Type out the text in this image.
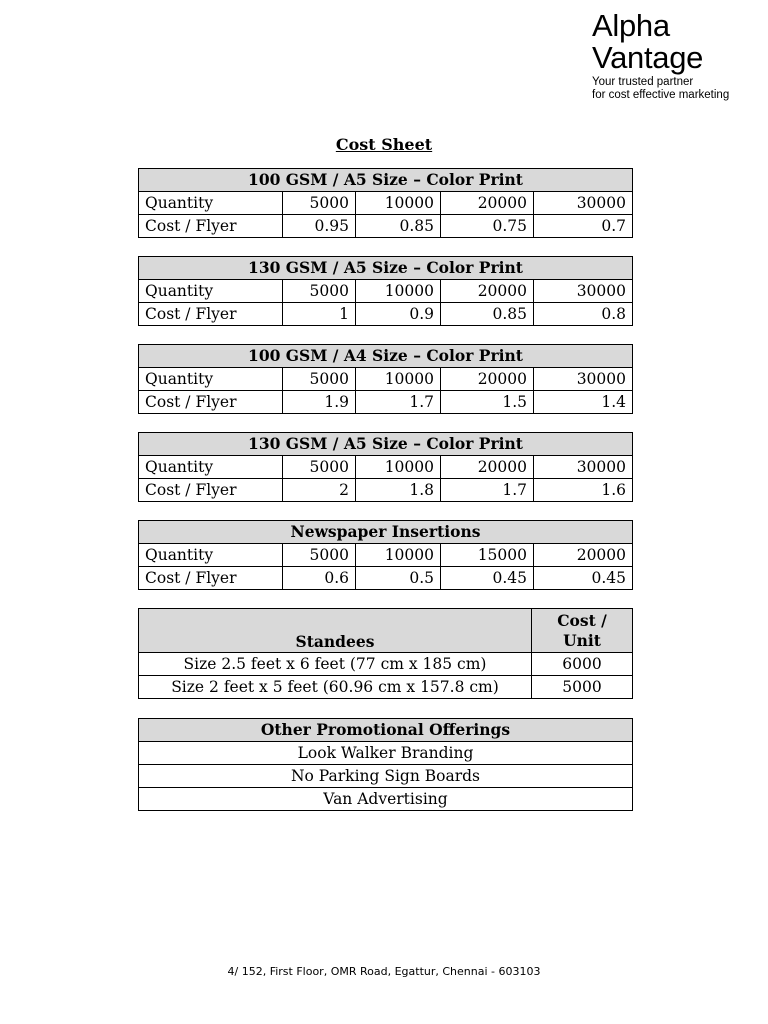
Alpha
Vantage
Your trusted partner
for cost effective marketing
Cost Sheet
100 GSM / A5 Size – Color Print				
Quantity	5000	10000	20000	30000
Cost / Flyer	0.95	0.85	0.75	0.7
130 GSM / A5 Size – Color Print				
Quantity	5000	10000	20000	30000
Cost / Flyer	1	0.9	0.85	0.8
100 GSM / A4 Size – Color Print				
Quantity	5000	10000	20000	30000
Cost / Flyer	1.9	1.7	1.5	1.4
130 GSM / A5 Size – Color Print				
Quantity	5000	10000	20000	30000
Cost / Flyer	2	1.8	1.7	1.6
Newspaper Insertions				
Quantity	5000	10000	15000	20000
Cost / Flyer	0.6	0.5	0.45	0.45
Standees	Cost /
Unit

Size 2.5 feet x 6 feet (77 cm x 185 cm)	6000
Size 2 feet x 5 feet (60.96 cm x 157.8 cm)	5000
Other Promotional Offerings
Look Walker Branding
No Parking Sign Boards
Van Advertising
4/ 152, First Floor, OMR Road, Egattur, Chennai - 603103
